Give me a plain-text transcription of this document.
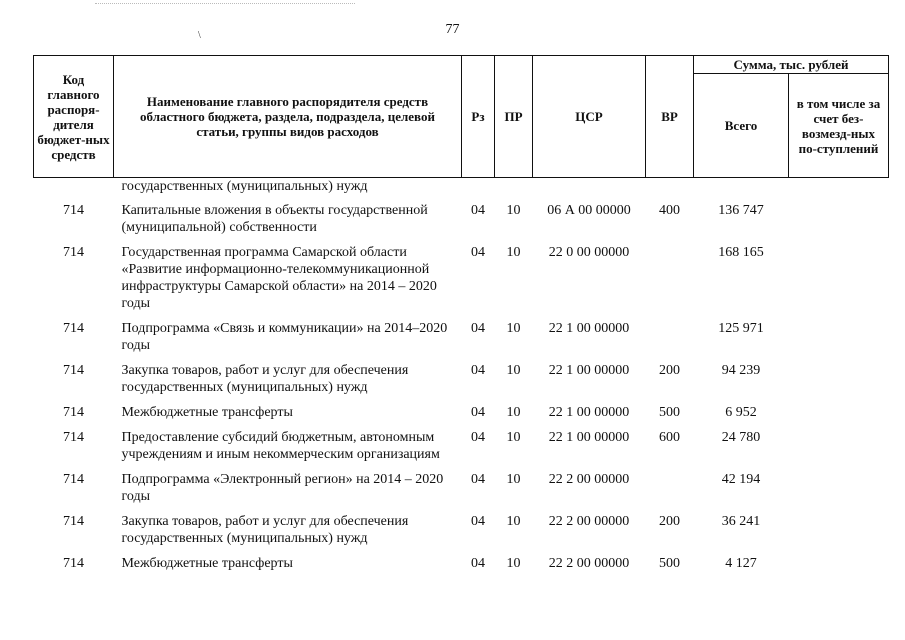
77
\
Код главного распоря-дителя бюджет-ных средств	Наименование главного распорядителя средств областного бюджета, раздела, подраздела, целевой статьи, группы видов расходов	Рз	ПР	ЦСР	ВР	Сумма, тыс. рублей	
						Всего	в том числе за счет без-возмезд-ных по-ступлений
	государственных (муниципальных) нужд						
714	Капитальные вложения в объекты государственной (муниципальной) собственности	04	10	06 А 00 00000	400	136 747	
714	Государственная программа Самарской области «Развитие информационно-телекоммуникационной инфраструктуры Самарской области» на 2014 – 2020 годы	04	10	22 0 00 00000		168 165	
714	Подпрограмма «Связь и коммуникации» на 2014–2020 годы	04	10	22 1 00 00000		125 971	
714	Закупка товаров, работ и услуг для обеспечения государственных (муниципальных) нужд	04	10	22 1 00 00000	200	94 239	
714	Межбюджетные трансферты	04	10	22 1 00 00000	500	6 952	
714	Предоставление субсидий бюджетным, автономным учреждениям и иным некоммерческим организациям	04	10	22 1 00 00000	600	24 780	
714	Подпрограмма «Электронный регион» на 2014 – 2020 годы	04	10	22 2 00 00000		42 194	
714	Закупка товаров, работ и услуг для обеспечения государственных (муниципальных) нужд	04	10	22 2 00 00000	200	36 241	
714	Межбюджетные трансферты	04	10	22 2 00 00000	500	4 127	
